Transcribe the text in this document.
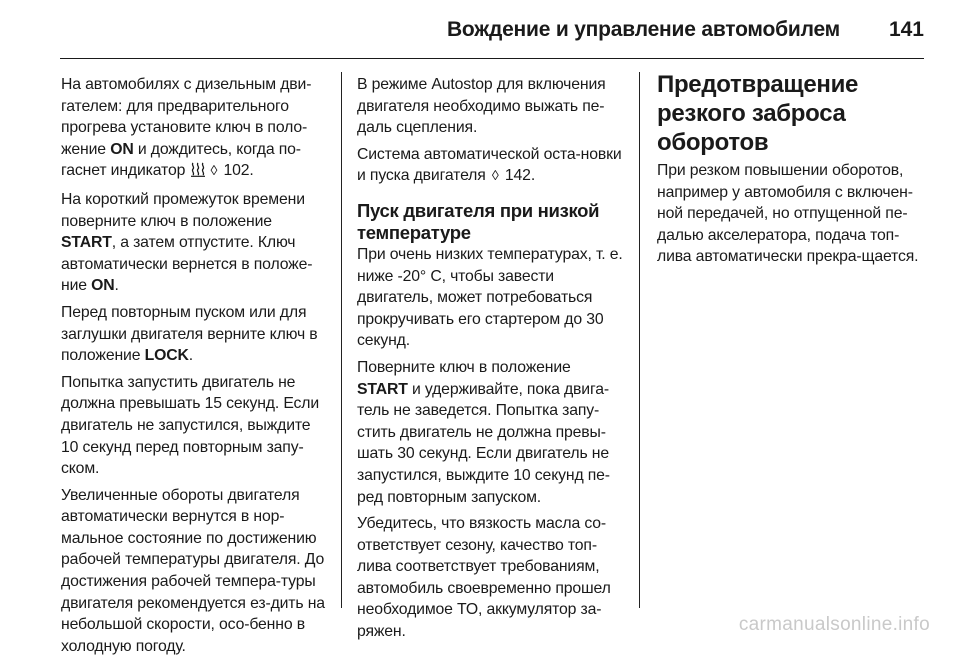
Вождение и управление автомобилем 141

На автомобилях с дизельным дви-гателем: для предварительного прогрева установите ключ в поло-жение ON и дождитесь, когда по-гаснет индикатор ◊ 102.

На короткий промежуток времени поверните ключ в положение START, а затем отпустите. Ключ автоматически вернется в положе-ние ON.

Перед повторным пуском или для заглушки двигателя верните ключ в положение LOCK.

Попытка запустить двигатель не должна превышать 15 секунд. Если двигатель не запустился, выждите 10 секунд перед повторным запу-ском.

Увеличенные обороты двигателя автоматически вернутся в нор-мальное состояние по достижению рабочей температуры двигателя. До достижения рабочей темпера-туры двигателя рекомендуется ез-дить на небольшой скорости, осо-бенно в холодную погоду.

В режиме Autostop для включения двигателя необходимо выжать пе-даль сцепления.

Система автоматической оста-новки и пуска двигателя ◊ 142.

Пуск двигателя при низкой температуре

При очень низких температурах, т. е. ниже -20° C, чтобы завести двигатель, может потребоваться прокручивать его стартером до 30 секунд.

Поверните ключ в положение START и удерживайте, пока двига-тель не заведется. Попытка запу-стить двигатель не должна превы-шать 30 секунд. Если двигатель не запустился, выждите 10 секунд пе-ред повторным запуском.

Убедитесь, что вязкость масла со-ответствует сезону, качество топ-лива соответствует требованиям, автомобиль своевременно прошел необходимое ТО, аккумулятор за-ряжен.

Предотвращение резкого заброса оборотов

При резком повышении оборотов, например у автомобиля с включен-ной передачей, но отпущенной пе-далью акселератора, подача топ-лива автоматически прекра-щается.

carmanualsonline.info
